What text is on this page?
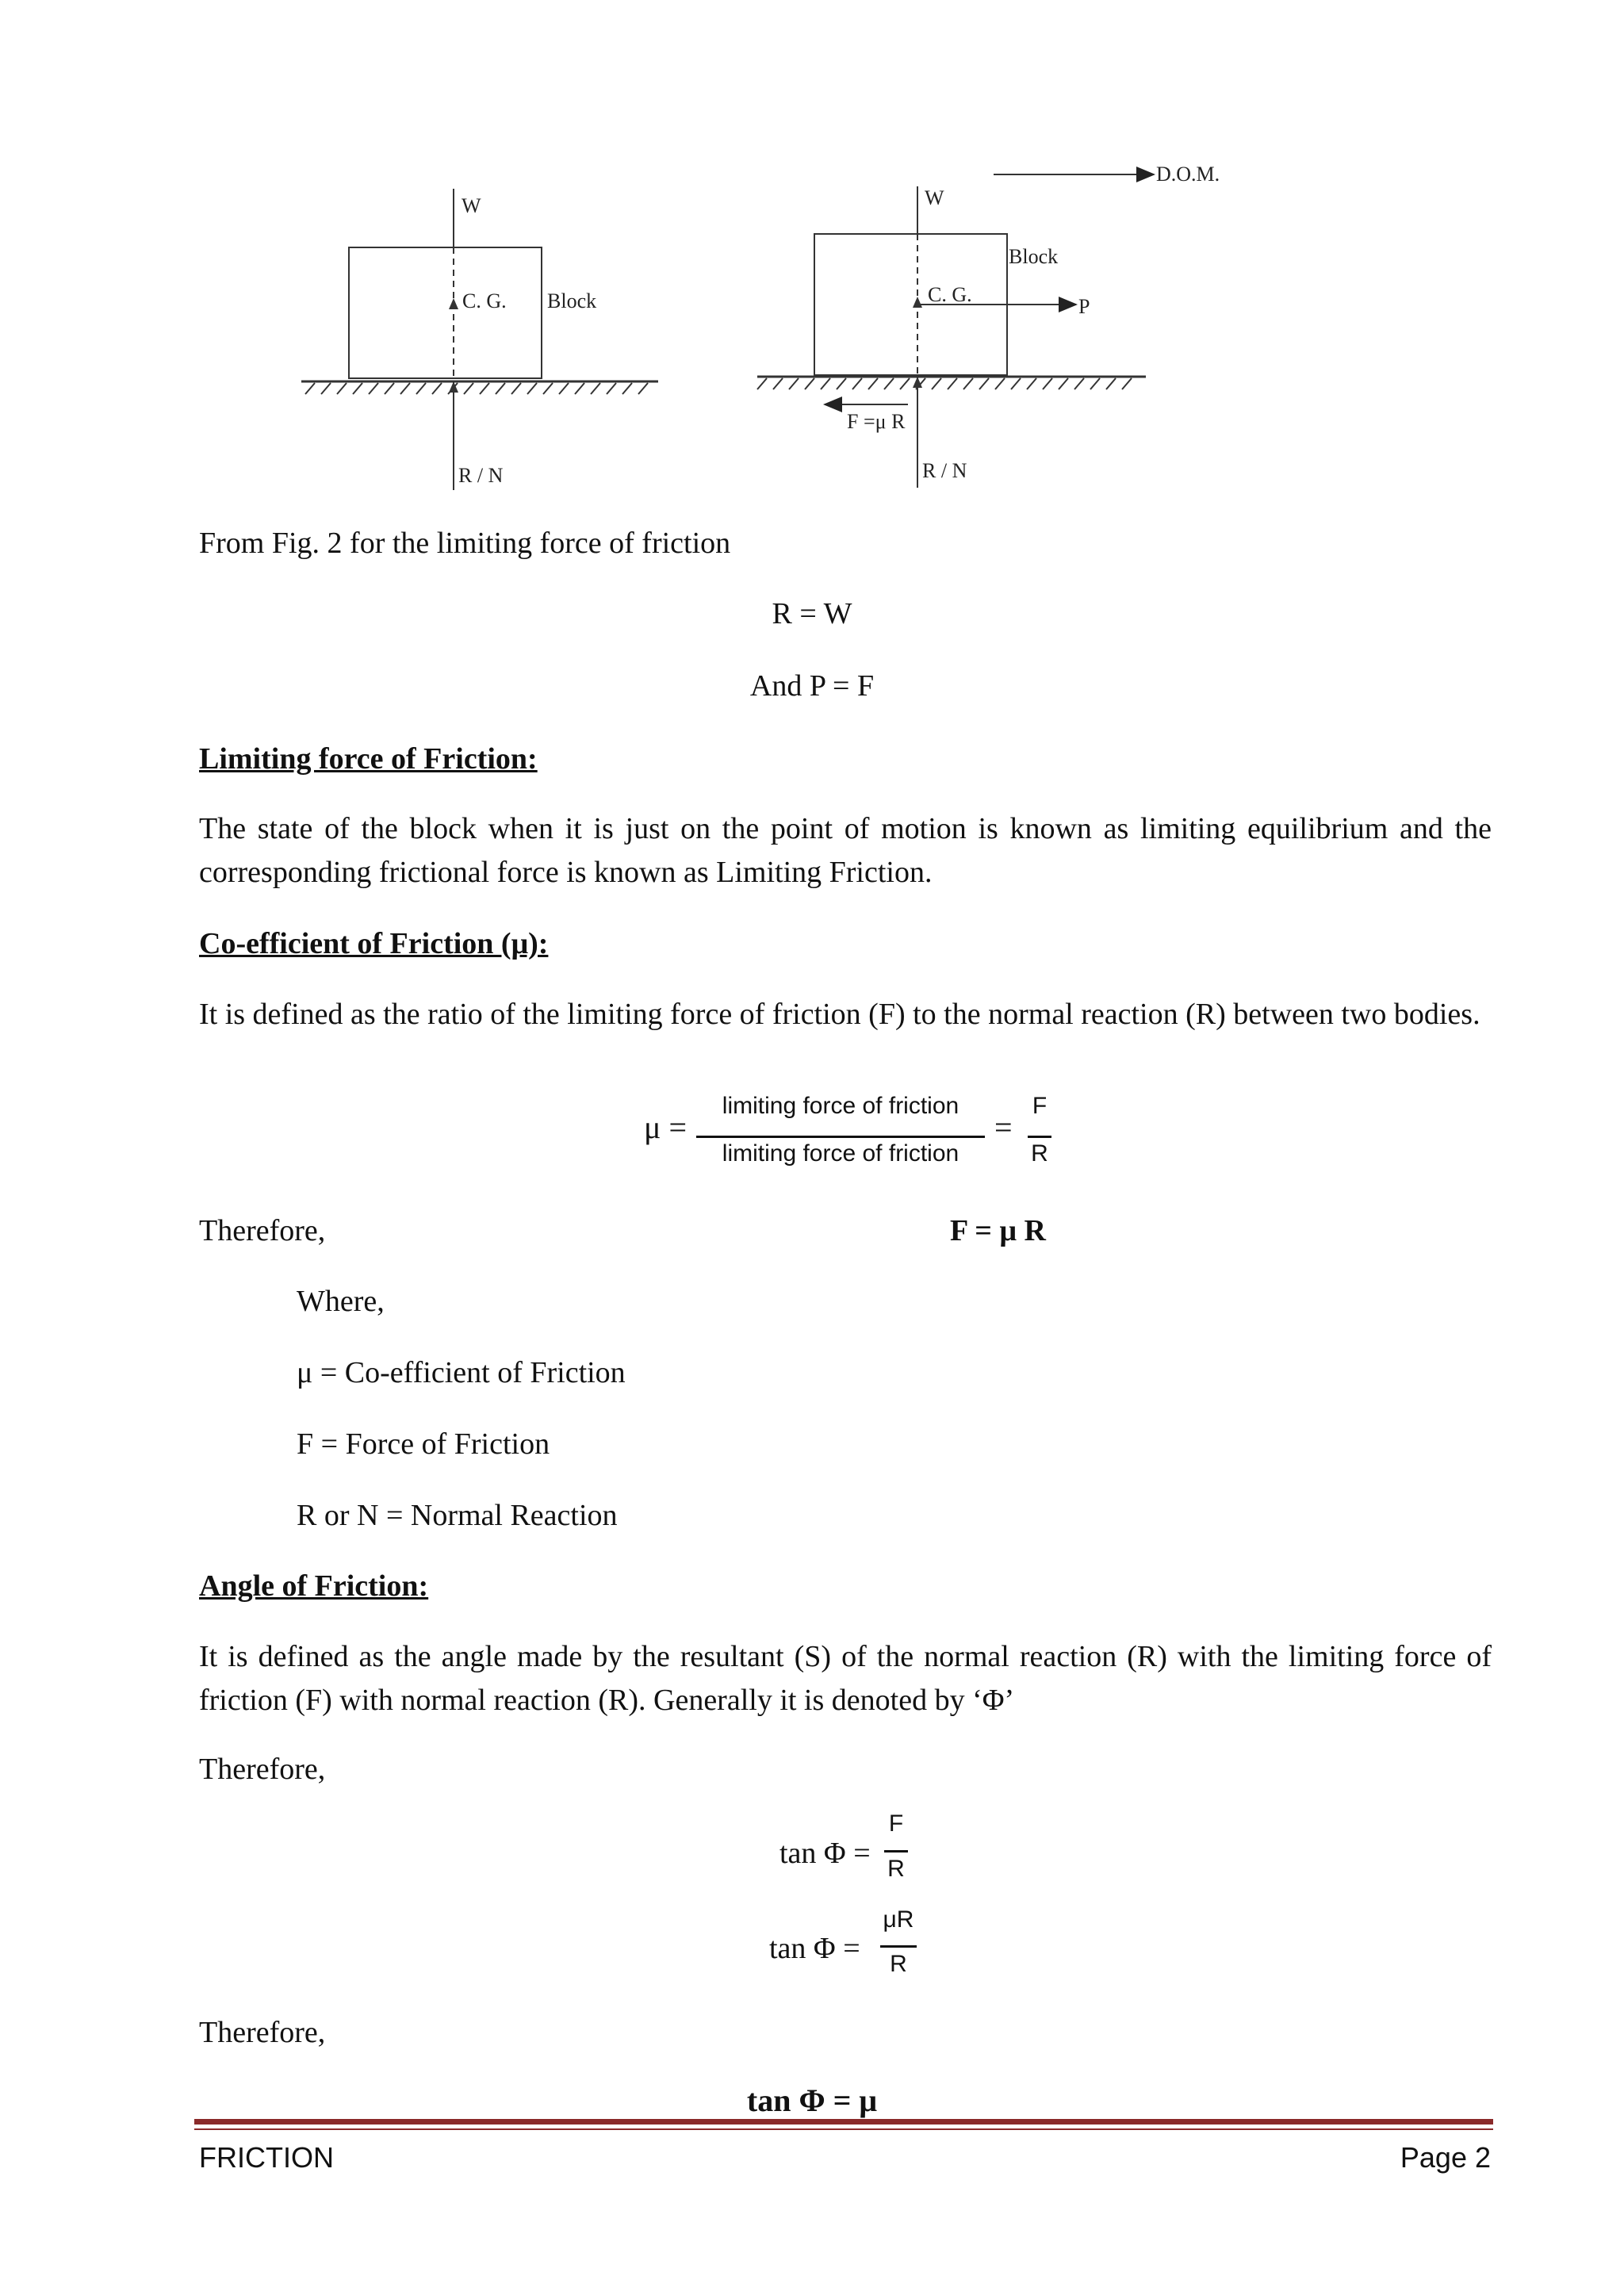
W
C. G. Block
R / N
W
C. G.
Block
P
D.O.M.
F =μ R
R / N
From Fig. 2 for the limiting force of friction
R = W
And P = F
Limiting force of Friction:
The state of the block when it is just on the point of motion is known as limiting equilibrium and the corresponding frictional force is known as Limiting Friction.
Co-efficient of Friction (μ):
It is defined as the ratio of the limiting force of friction (F) to the normal reaction (R) between two bodies.
μ =
limiting force of friction
limiting force of friction
=
F
R
Therefore,	F = μ R
Where,
μ = Co-efficient of Friction
F = Force of Friction
R or N = Normal Reaction
Angle of Friction:
It is defined as the angle made by the resultant (S) of the normal reaction (R) with the limiting force of friction (F) with normal reaction (R). Generally it is denoted by ‘Φ’
Therefore,
tan Φ =
F
R
tan Φ =
μR
R
Therefore,
tan Φ = μ
FRICTION	Page 2
